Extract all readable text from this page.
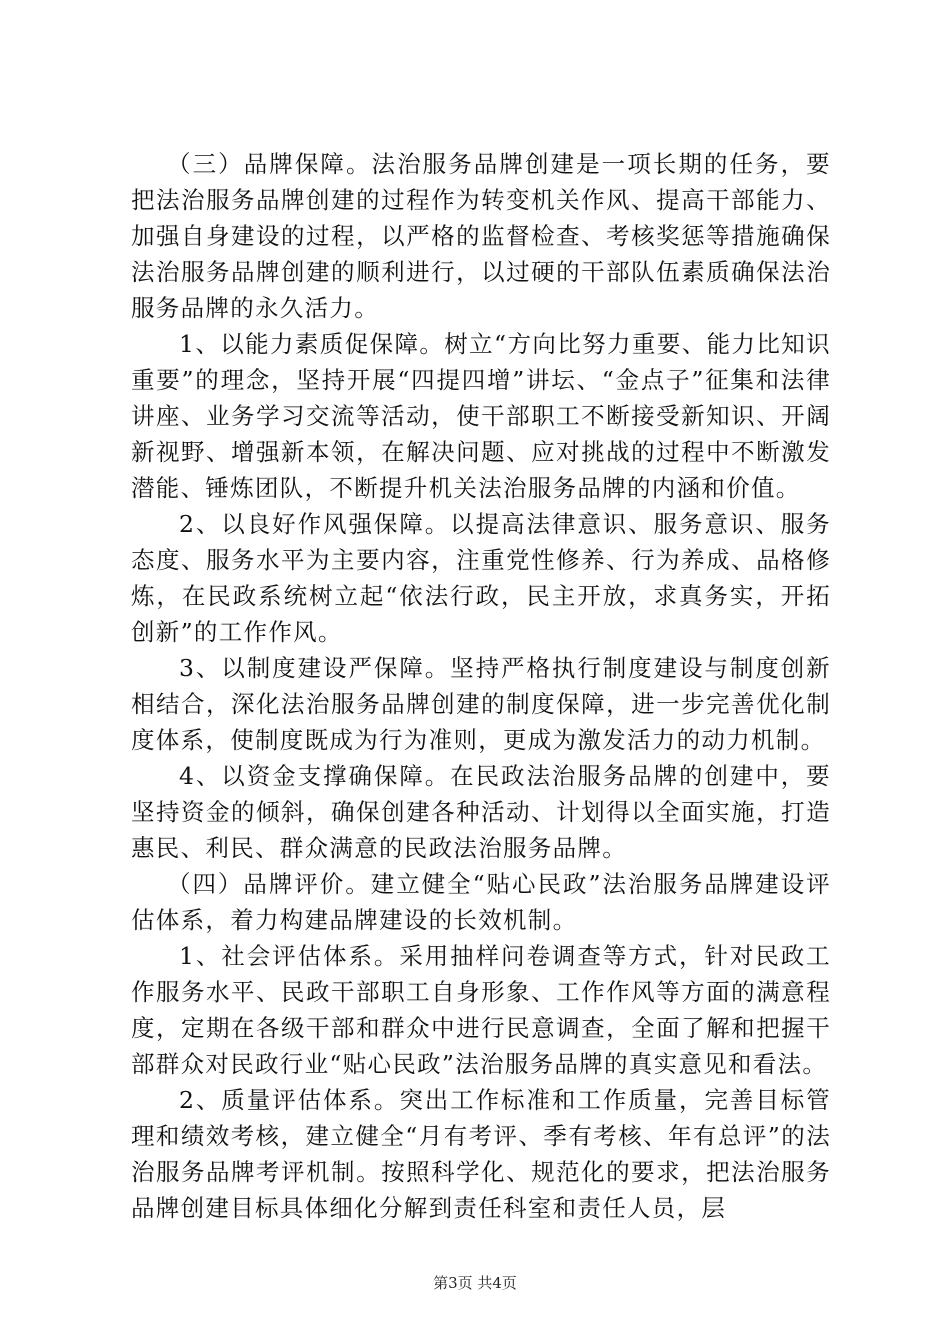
（三）品牌保障。法治服务品牌创建是一项长期的任务，要把法治服务品牌创建的过程作为转变机关作风、提高干部能力、加强自身建设的过程，以严格的监督检查、考核奖惩等措施确保法治服务品牌创建的顺利进行，以过硬的干部队伍素质确保法治服务品牌的永久活力。

1、以能力素质促保障。树立“方向比努力重要、能力比知识重要”的理念，坚持开展“四提四增”讲坛、“金点子”征集和法律讲座、业务学习交流等活动，使干部职工不断接受新知识、开阔新视野、增强新本领，在解决问题、应对挑战的过程中不断激发潜能、锤炼团队，不断提升机关法治服务品牌的内涵和价值。

2、以良好作风强保障。以提高法律意识、服务意识、服务态度、服务水平为主要内容，注重党性修养、行为养成、品格修炼，在民政系统树立起“依法行政，民主开放，求真务实，开拓创新”的工作作风。

3、以制度建设严保障。坚持严格执行制度建设与制度创新相结合，深化法治服务品牌创建的制度保障，进一步完善优化制度体系，使制度既成为行为准则，更成为激发活力的动力机制。

4、以资金支撑确保障。在民政法治服务品牌的创建中，要坚持资金的倾斜，确保创建各种活动、计划得以全面实施，打造惠民、利民、群众满意的民政法治服务品牌。

（四）品牌评价。建立健全“贴心民政”法治服务品牌建设评估体系，着力构建品牌建设的长效机制。

1、社会评估体系。采用抽样问卷调查等方式，针对民政工作服务水平、民政干部职工自身形象、工作作风等方面的满意程度，定期在各级干部和群众中进行民意调查，全面了解和把握干部群众对民政行业“贴心民政”法治服务品牌的真实意见和看法。

2、质量评估体系。突出工作标准和工作质量，完善目标管理和绩效考核，建立健全“月有考评、季有考核、年有总评”的法治服务品牌考评机制。按照科学化、规范化的要求，把法治服务品牌创建目标具体细化分解到责任科室和责任人员，层

第3页 共4页
